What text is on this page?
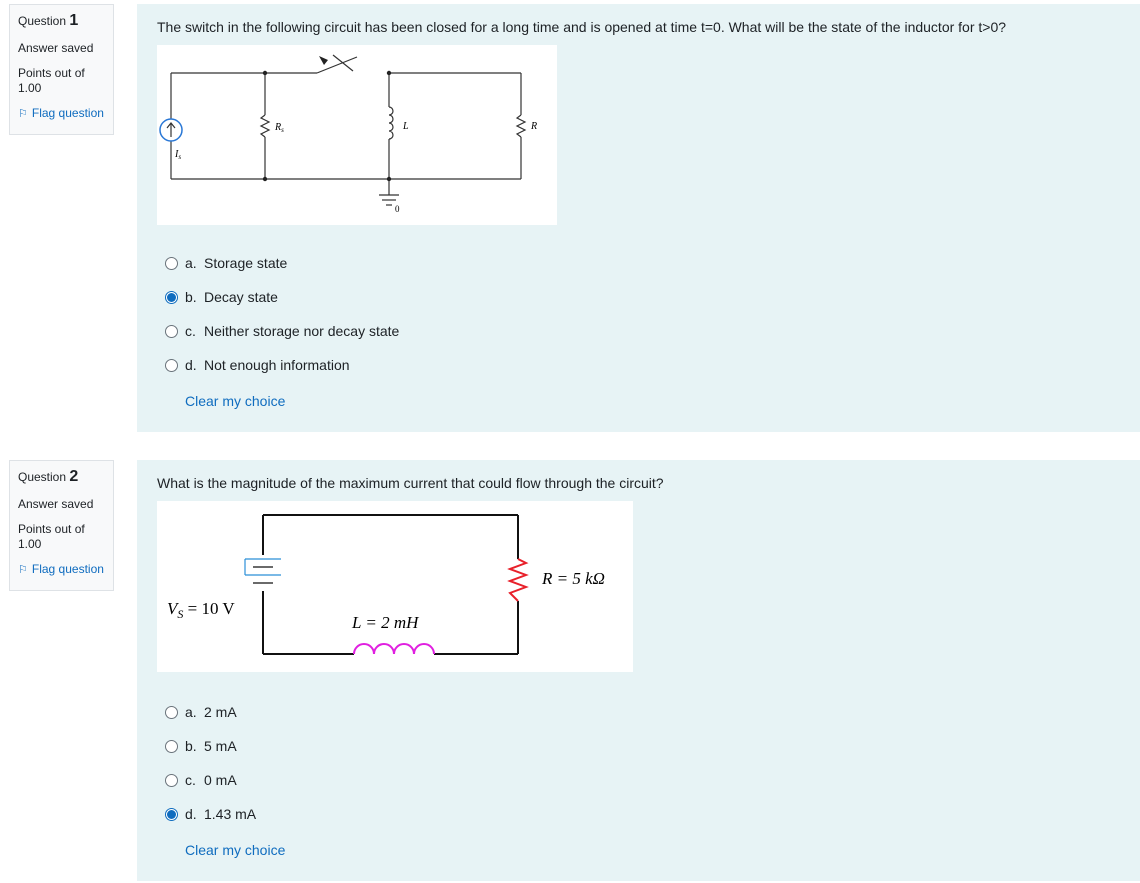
Question 1
Answer saved
Points out of 1.00
⚐ Flag question
The switch in the following circuit has been closed for a long time and is opened at time t=0. What will be the state of the inductor for t>0?
$R_s$	L	R
$I_s$
0
a. Storage state
b. Decay state
c. Neither storage nor decay state
d. Not enough information
Clear my choice
Question 2
Answer saved
Points out of 1.00
⚐ Flag question
What is the magnitude of the maximum current that could flow through the circuit?
$V_S = 10$ V
R = 5 kΩ
L = 2 mH
a. 2 mA
b. 5 mA
c. 0 mA
d. 1.43 mA
Clear my choice
